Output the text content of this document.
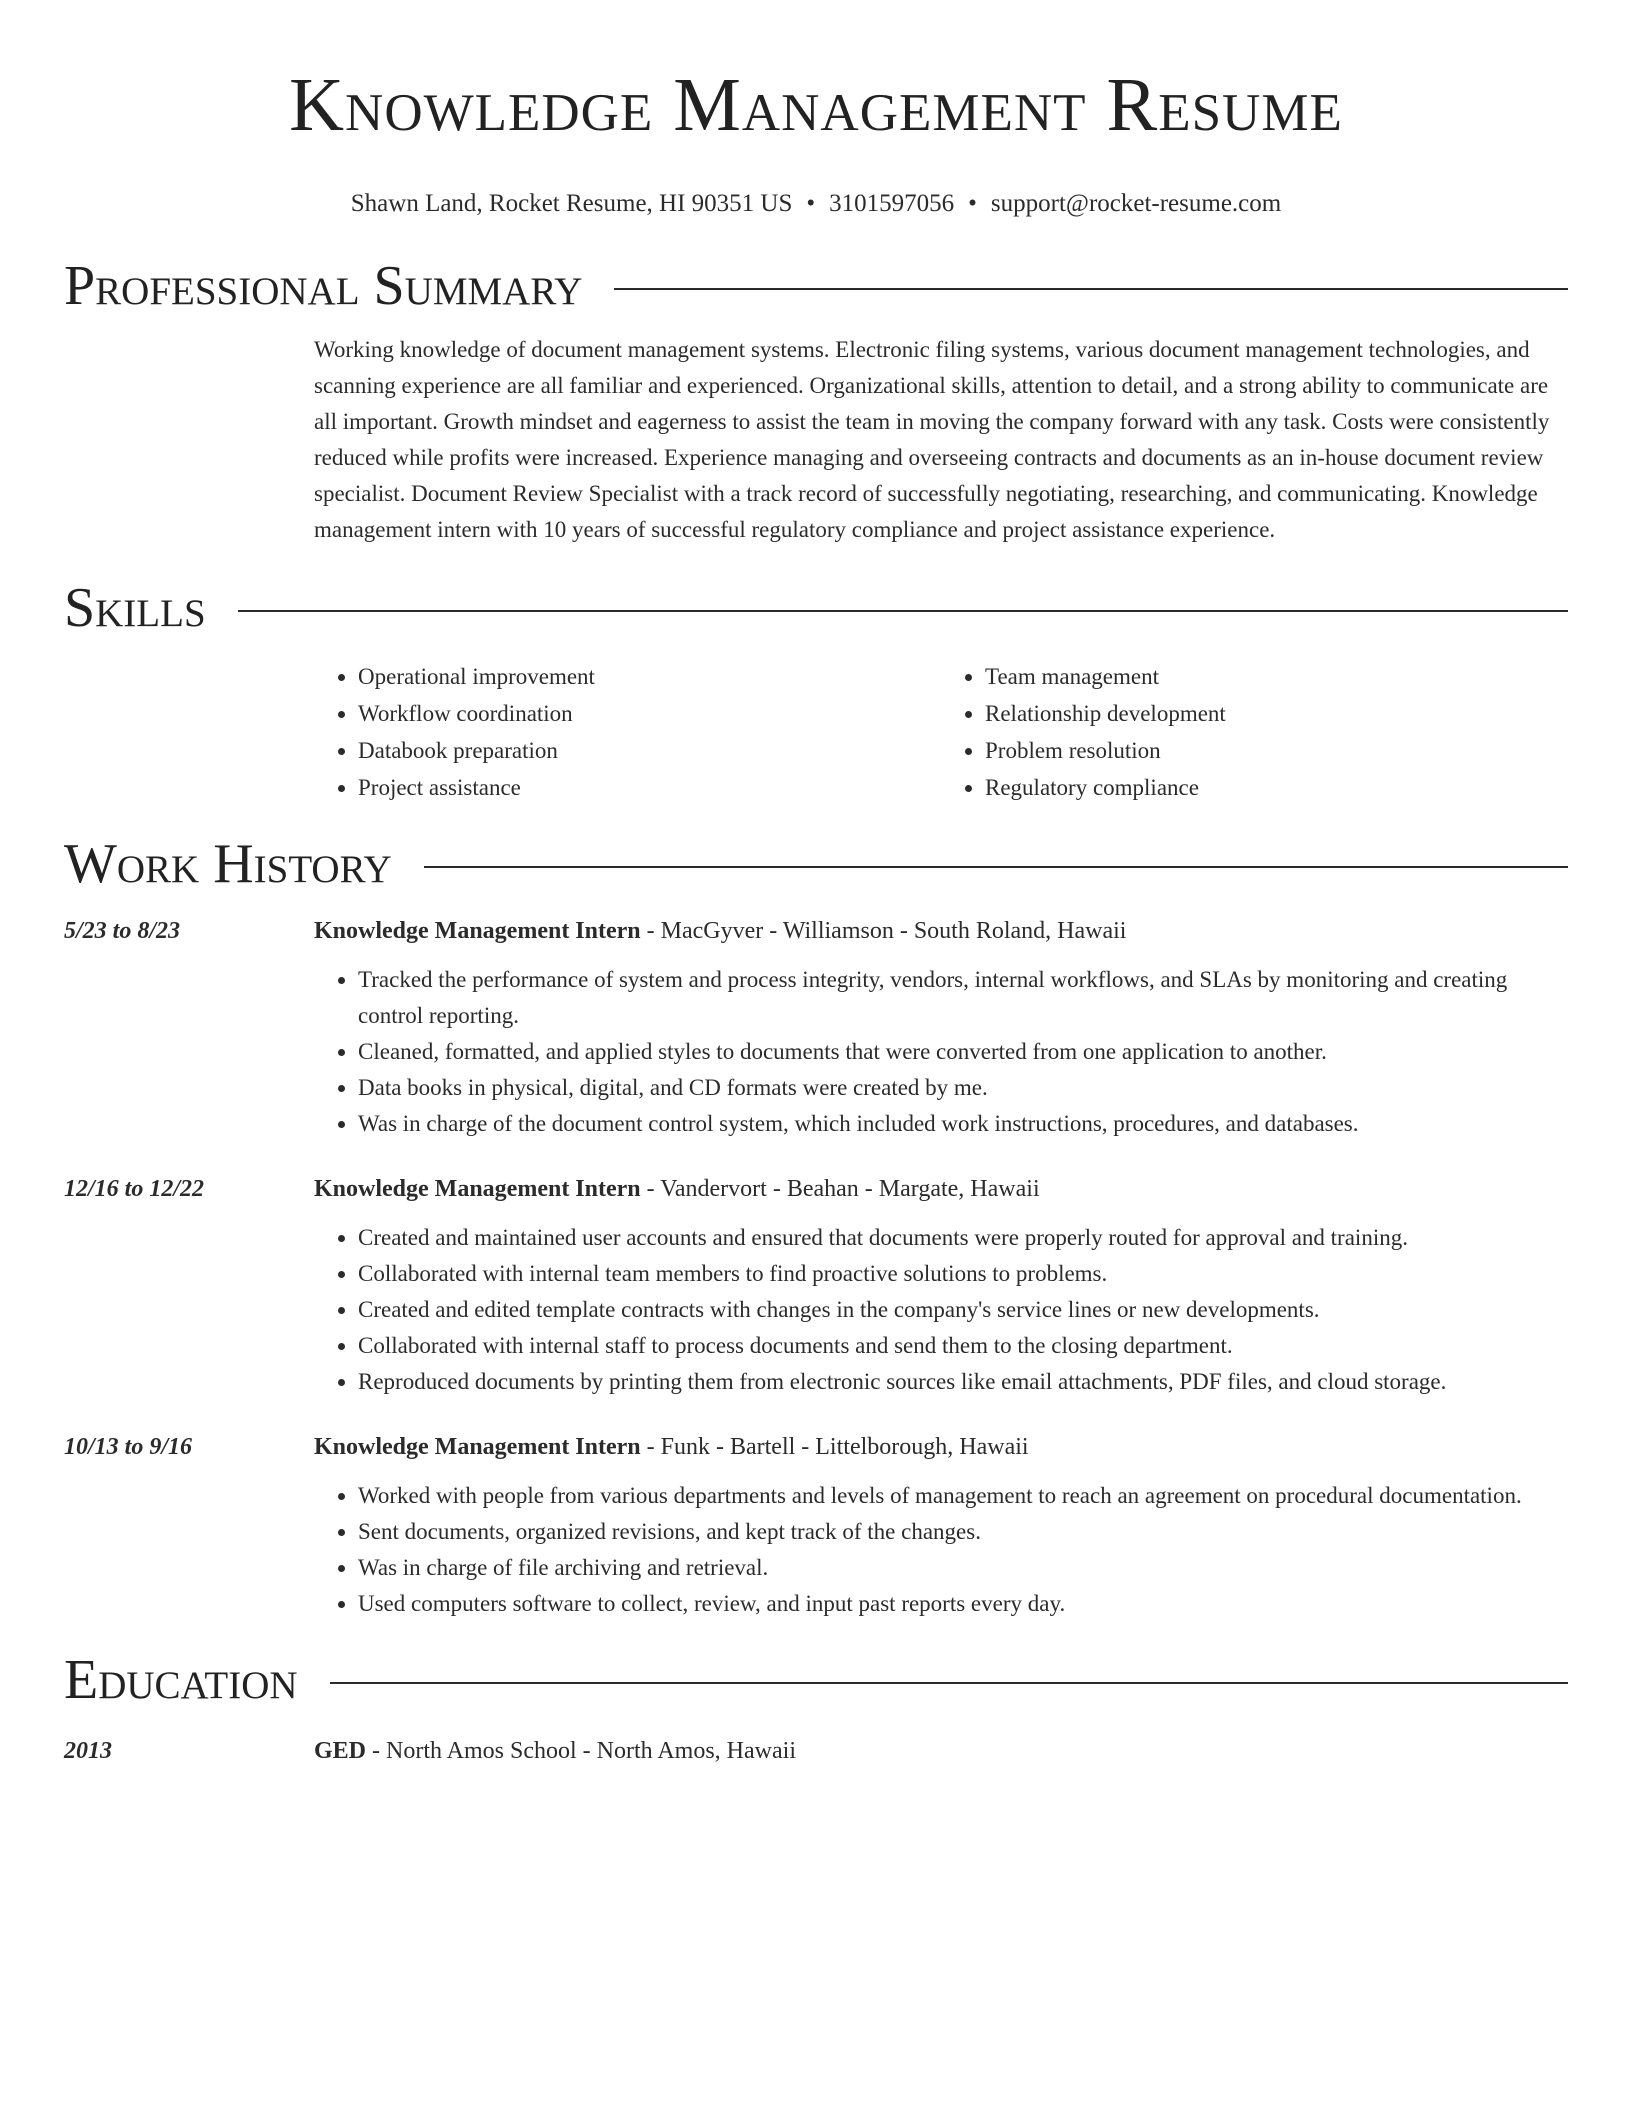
Knowledge Management Resume
Shawn Land, Rocket Resume, HI 90351 US • 3101597056 • support@rocket-resume.com
Professional Summary
Working knowledge of document management systems. Electronic filing systems, various document management technologies, and scanning experience are all familiar and experienced. Organizational skills, attention to detail, and a strong ability to communicate are all important. Growth mindset and eagerness to assist the team in moving the company forward with any task. Costs were consistently reduced while profits were increased. Experience managing and overseeing contracts and documents as an in-house document review specialist. Document Review Specialist with a track record of successfully negotiating, researching, and communicating. Knowledge management intern with 10 years of successful regulatory compliance and project assistance experience.
Skills
• Operational improvement
• Workflow coordination
• Databook preparation
• Project assistance
• Team management
• Relationship development
• Problem resolution
• Regulatory compliance
Work History
5/23 to 8/23	Knowledge Management Intern - MacGyver - Williamson - South Roland, Hawaii
• Tracked the performance of system and process integrity, vendors, internal workflows, and SLAs by monitoring and creating control reporting.
• Cleaned, formatted, and applied styles to documents that were converted from one application to another.
• Data books in physical, digital, and CD formats were created by me.
• Was in charge of the document control system, which included work instructions, procedures, and databases.
12/16 to 12/22	Knowledge Management Intern - Vandervort - Beahan - Margate, Hawaii
• Created and maintained user accounts and ensured that documents were properly routed for approval and training.
• Collaborated with internal team members to find proactive solutions to problems.
• Created and edited template contracts with changes in the company's service lines or new developments.
• Collaborated with internal staff to process documents and send them to the closing department.
• Reproduced documents by printing them from electronic sources like email attachments, PDF files, and cloud storage.
10/13 to 9/16	Knowledge Management Intern - Funk - Bartell - Littelborough, Hawaii
• Worked with people from various departments and levels of management to reach an agreement on procedural documentation.
• Sent documents, organized revisions, and kept track of the changes.
• Was in charge of file archiving and retrieval.
• Used computers software to collect, review, and input past reports every day.
Education
2013	GED - North Amos School - North Amos, Hawaii
